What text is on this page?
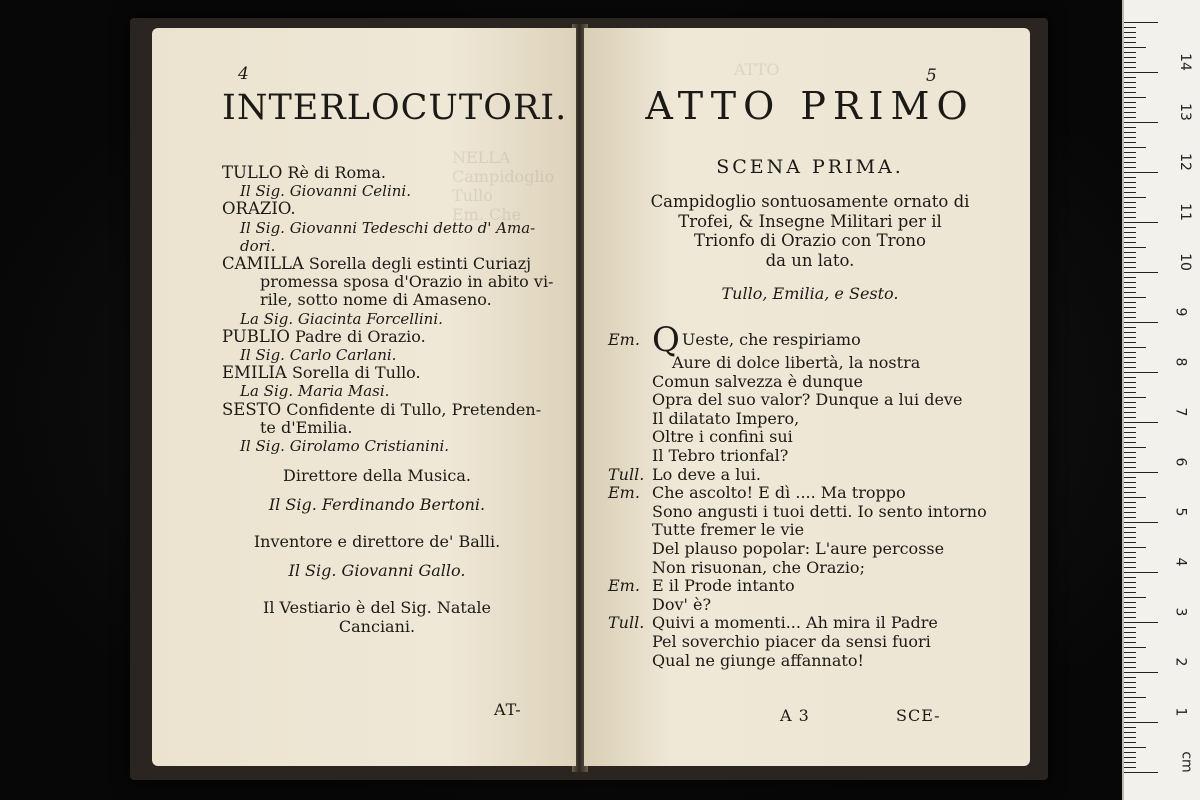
NELLA
Campidoglio
Tullo
Em. Che
4
INTERLOCUTORI.
TULLO Rè di Roma.
Il Sig. Giovanni Celini.
ORAZIO.
Il Sig. Giovanni Tedeschi detto d' Ama-
dori.
CAMILLA Sorella degli estinti Curiazj
promessa sposa d'Orazio in abito vi-
rile, sotto nome di Amaseno.
La Sig. Giacinta Forcellini.
PUBLIO Padre di Orazio.
Il Sig. Carlo Carlani.
EMILIA Sorella di Tullo.
La Sig. Maria Masi.
SESTO Confidente di Tullo, Pretenden-
te d'Emilia.
Il Sig. Girolamo Cristianini.
Direttore della Musica.
Il Sig. Ferdinando Bertoni.
Inventore e direttore de' Balli.
Il Sig. Giovanni Gallo.
Il Vestiario è del Sig. Natale
Canciani.
AT-
ATTO	5
ATTO PRIMO
SCENA PRIMA.
Campidoglio sontuosamente ornato di
Trofei, & Insegne Militari per il
Trionfo di Orazio con Trono
da un lato.
Tullo, Emilia, e Sesto.
Em. Q Ueste, che respiriamo
Aure di dolce libertà, la nostra
Comun salvezza è dunque
Opra del suo valor? Dunque a lui deve
Il dilatato Impero,
Oltre i confini sui
Il Tebro trionfal?
Tull. Lo deve a lui.
Em. Che ascolto! E dì .... Ma troppo
Sono angusti i tuoi detti. Io sento intorno
Tutte fremer le vie
Del plauso popolar: L'aure percosse
Non risuonan, che Orazio;
Em. E il Prode intanto
Dov' è?
Tull. Quivi a momenti... Ah mira il Padre
Pel soverchio piacer da sensi fuori
Qual ne giunge affannato!
A 3	SCE-
cm
1
2
3
4
5
6
7
8
9
10
11
12
13
14
